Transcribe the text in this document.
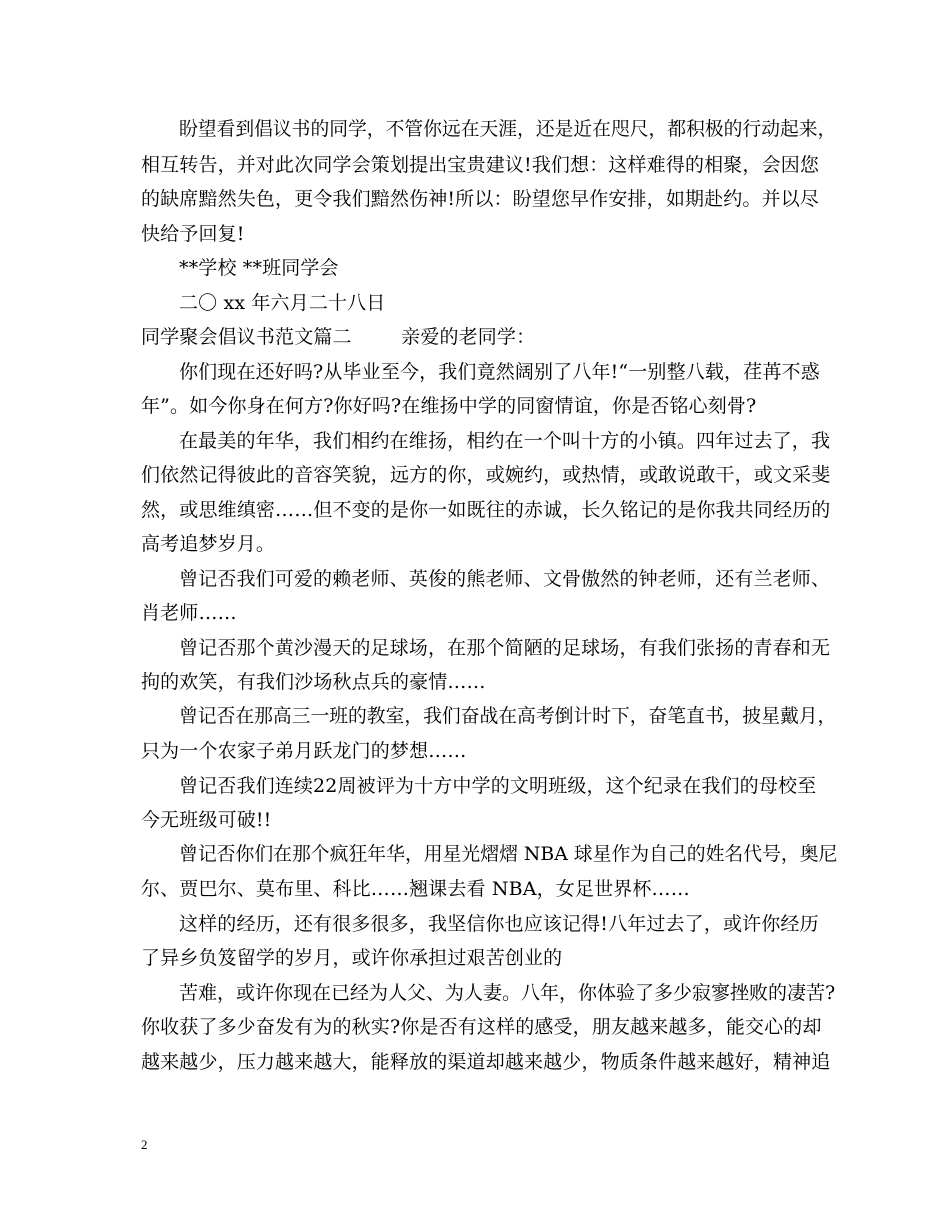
盼望看到倡议书的同学，不管你远在天涯，还是近在咫尺，都积极的行动起来，
相互转告，并对此次同学会策划提出宝贵建议!我们想：这样难得的相聚，会因您
的缺席黯然失色，更令我们黯然伤神!所以：盼望您早作安排，如期赴约。并以尽
快给予回复!
**学校 **班同学会
二〇 xx 年六月二十八日
同学聚会倡议书范文篇二        亲爱的老同学：
你们现在还好吗?从毕业至今，我们竟然阔别了八年!“一别整八载，荏苒不惑
年”。如今你身在何方?你好吗?在维扬中学的同窗情谊，你是否铭心刻骨?
在最美的年华，我们相约在维扬，相约在一个叫十方的小镇。四年过去了，我
们依然记得彼此的音容笑貌，远方的你，或婉约，或热情，或敢说敢干，或文采斐
然，或思维缜密……但不变的是你一如既往的赤诚，长久铭记的是你我共同经历的
高考追梦岁月。
曾记否我们可爱的赖老师、英俊的熊老师、文骨傲然的钟老师，还有兰老师、
肖老师……
曾记否那个黄沙漫天的足球场，在那个简陋的足球场，有我们张扬的青春和无
拘的欢笑，有我们沙场秋点兵的豪情……
曾记否在那高三一班的教室，我们奋战在高考倒计时下，奋笔直书，披星戴月，
只为一个农家子弟月跃龙门的梦想……
曾记否我们连续22周被评为十方中学的文明班级，这个纪录在我们的母校至
今无班级可破!!
曾记否你们在那个疯狂年华，用星光熠熠 NBA 球星作为自己的姓名代号，奥尼
尔、贾巴尔、莫布里、科比……翘课去看 NBA，女足世界杯……
这样的经历，还有很多很多，我坚信你也应该记得!八年过去了，或许你经历
了异乡负笈留学的岁月，或许你承担过艰苦创业的
苦难，或许你现在已经为人父、为人妻。八年，你体验了多少寂寥挫败的凄苦?
你收获了多少奋发有为的秋实?你是否有这样的感受，朋友越来越多，能交心的却
越来越少，压力越来越大，能释放的渠道却越来越少，物质条件越来越好，精神追
2
